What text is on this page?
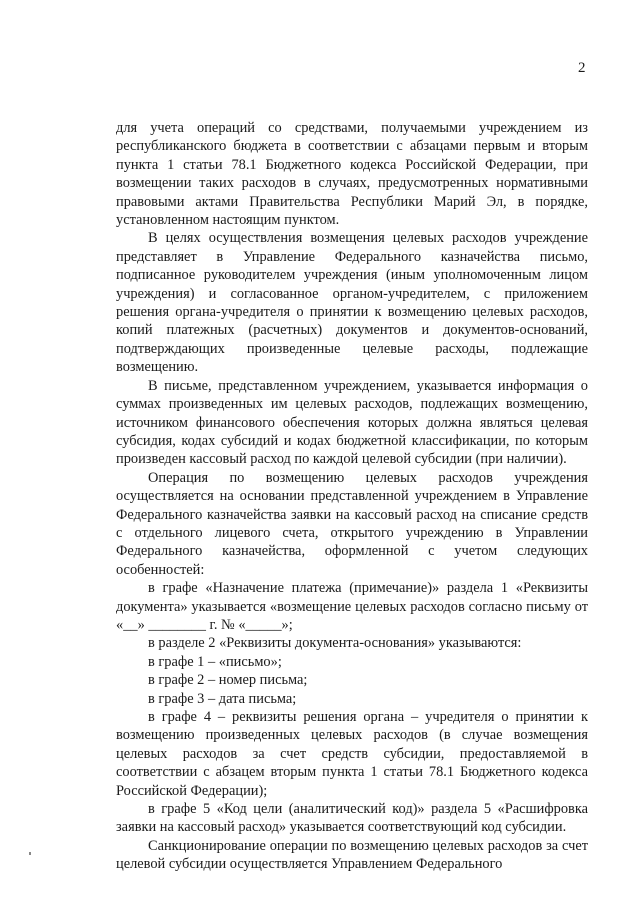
2

для учета операций со средствами, получаемыми учреждением из республиканского бюджета в соответствии с абзацами первым и вторым пункта 1 статьи 78.1 Бюджетного кодекса Российской Федерации, при возмещении таких расходов в случаях, предусмотренных нормативными правовыми актами Правительства Республики Марий Эл, в порядке, установленном настоящим пунктом.

В целях осуществления возмещения целевых расходов учреждение представляет в Управление Федерального казначейства письмо, подписанное руководителем учреждения (иным уполномоченным лицом учреждения) и согласованное органом-учредителем, с приложением решения органа-учредителя о принятии к возмещению целевых расходов, копий платежных (расчетных) документов и документов-оснований, подтверждающих произведенные целевые расходы, подлежащие возмещению.

В письме, представленном учреждением, указывается информация о суммах произведенных им целевых расходов, подлежащих возмещению, источником финансового обеспечения которых должна являться целевая субсидия, кодах субсидий и кодах бюджетной классификации, по которым произведен кассовый расход по каждой целевой субсидии (при наличии).

Операция по возмещению целевых расходов учреждения осуществляется на основании представленной учреждением в Управление Федерального казначейства заявки на кассовый расход на списание средств с отдельного лицевого счета, открытого учреждению в Управлении Федерального казначейства, оформленной с учетом следующих особенностей:

в графе «Назначение платежа (примечание)» раздела 1 «Реквизиты документа» указывается «возмещение целевых расходов согласно письму от «__» ________ г. № «_____»;

в разделе 2 «Реквизиты документа-основания» указываются:

в графе 1 – «письмо»;

в графе 2 – номер письма;

в графе 3 – дата письма;

в графе 4 – реквизиты решения органа – учредителя о принятии к возмещению произведенных целевых расходов (в случае возмещения целевых расходов за счет средств субсидии, предоставляемой в соответствии с абзацем вторым пункта 1 статьи 78.1 Бюджетного кодекса Российской Федерации);

в графе 5 «Код цели (аналитический код)» раздела 5 «Расшифровка заявки на кассовый расход» указывается соответствующий код субсидии.

Санкционирование операции по возмещению целевых расходов за счет целевой субсидии осуществляется Управлением Федерального
